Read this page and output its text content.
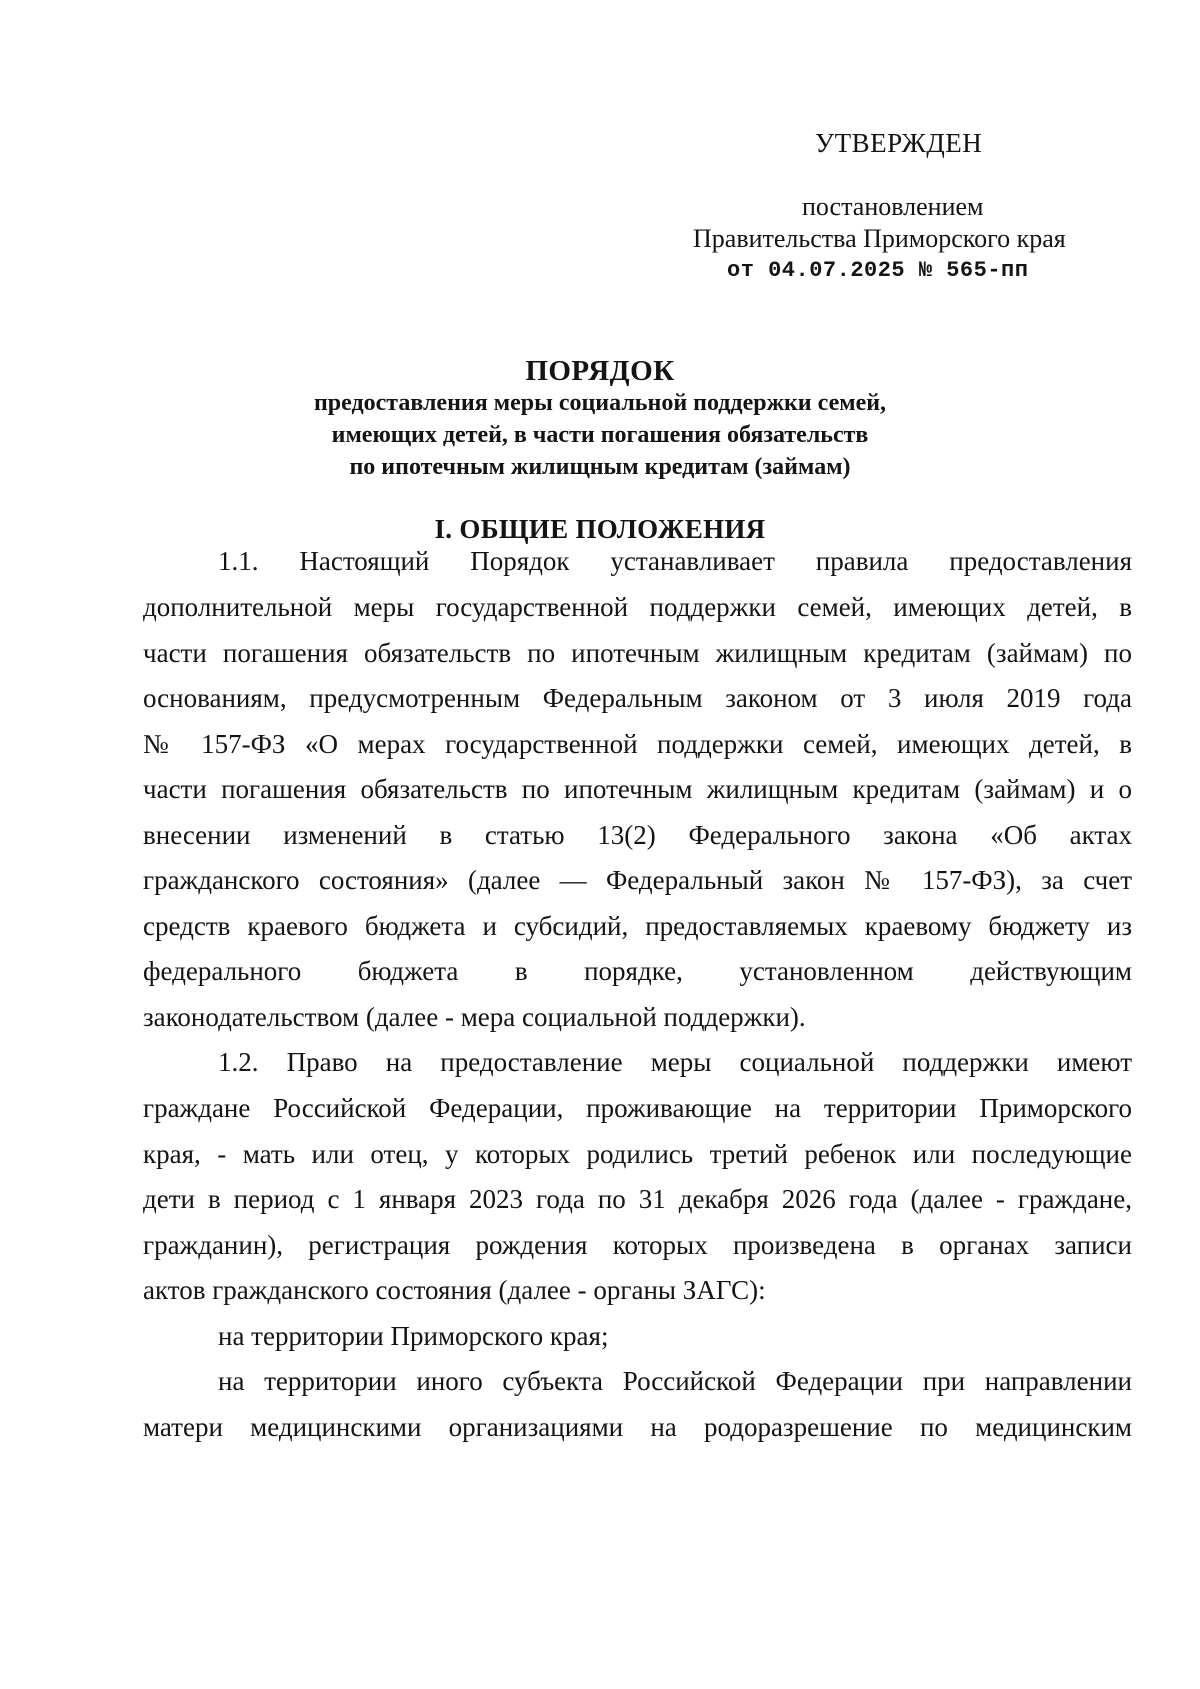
УТВЕРЖДЕН
постановлением
Правительства Приморского края
от 04.07.2025 № 565-пп
ПОРЯДОК
предоставления меры социальной поддержки семей,
имеющих детей, в части погашения обязательств
по ипотечным жилищным кредитам (займам)
I. ОБЩИЕ ПОЛОЖЕНИЯ
1.1. Настоящий Порядок устанавливает правила предоставления
дополнительной меры государственной поддержки семей, имеющих детей, в
части погашения обязательств по ипотечным жилищным кредитам (займам) по
основаниям, предусмотренным Федеральным законом от 3 июля 2019 года
№ 157-ФЗ «О мерах государственной поддержки семей, имеющих детей, в
части погашения обязательств по ипотечным жилищным кредитам (займам) и о
внесении изменений в статью 13(2) Федерального закона «Об актах
гражданского состояния» (далее — Федеральный закон № 157-ФЗ), за счет
средств краевого бюджета и субсидий, предоставляемых краевому бюджету из
федерального бюджета в порядке, установленном действующим
законодательством (далее - мера социальной поддержки).
1.2. Право на предоставление меры социальной поддержки имеют
граждане Российской Федерации, проживающие на территории Приморского
края, - мать или отец, у которых родились третий ребенок или последующие
дети в период с 1 января 2023 года по 31 декабря 2026 года (далее - граждане,
гражданин), регистрация рождения которых произведена в органах записи
актов гражданского состояния (далее - органы ЗАГС):
на территории Приморского края;
на территории иного субъекта Российской Федерации при направлении
матери медицинскими организациями на родоразрешение по медицинским
